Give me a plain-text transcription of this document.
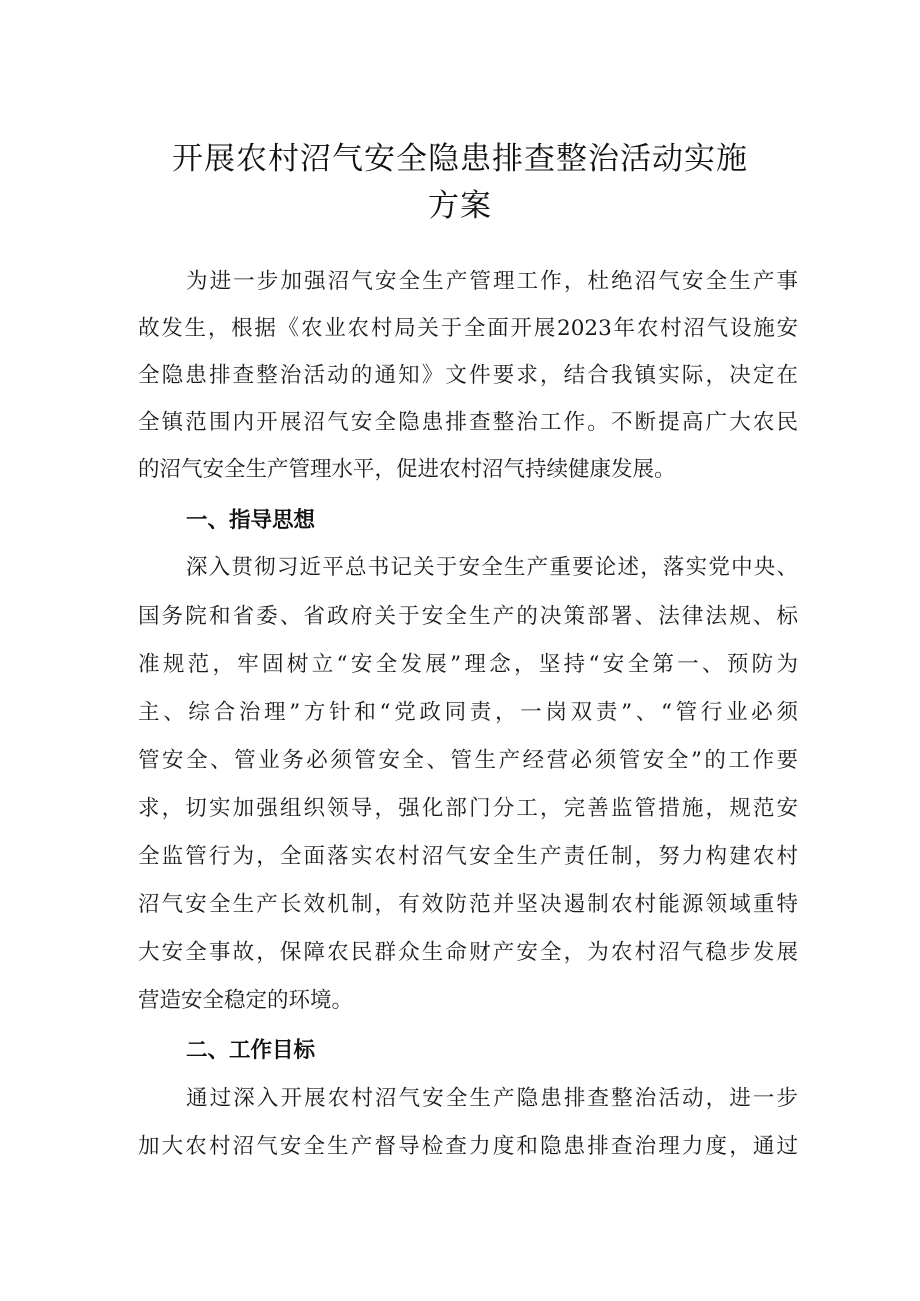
开展农村沼气安全隐患排查整治活动实施
方案
为进一步加强沼气安全生产管理工作，杜绝沼气安全生产事
故发生，根据《农业农村局关于全面开展2023年农村沼气设施安
全隐患排查整治活动的通知》文件要求，结合我镇实际，决定在
全镇范围内开展沼气安全隐患排查整治工作。不断提高广大农民
的沼气安全生产管理水平，促进农村沼气持续健康发展。
一、指导思想
深入贯彻习近平总书记关于安全生产重要论述，落实党中央、
国务院和省委、省政府关于安全生产的决策部署、法律法规、标
准规范，牢固树立“安全发展”理念，坚持“安全第一、预防为
主、综合治理”方针和“党政同责，一岗双责”、“管行业必须
管安全、管业务必须管安全、管生产经营必须管安全”的工作要
求，切实加强组织领导，强化部门分工，完善监管措施，规范安
全监管行为，全面落实农村沼气安全生产责任制，努力构建农村
沼气安全生产长效机制，有效防范并坚决遏制农村能源领域重特
大安全事故，保障农民群众生命财产安全，为农村沼气稳步发展
营造安全稳定的环境。
二、工作目标
通过深入开展农村沼气安全生产隐患排查整治活动，进一步
加大农村沼气安全生产督导检查力度和隐患排查治理力度，通过
